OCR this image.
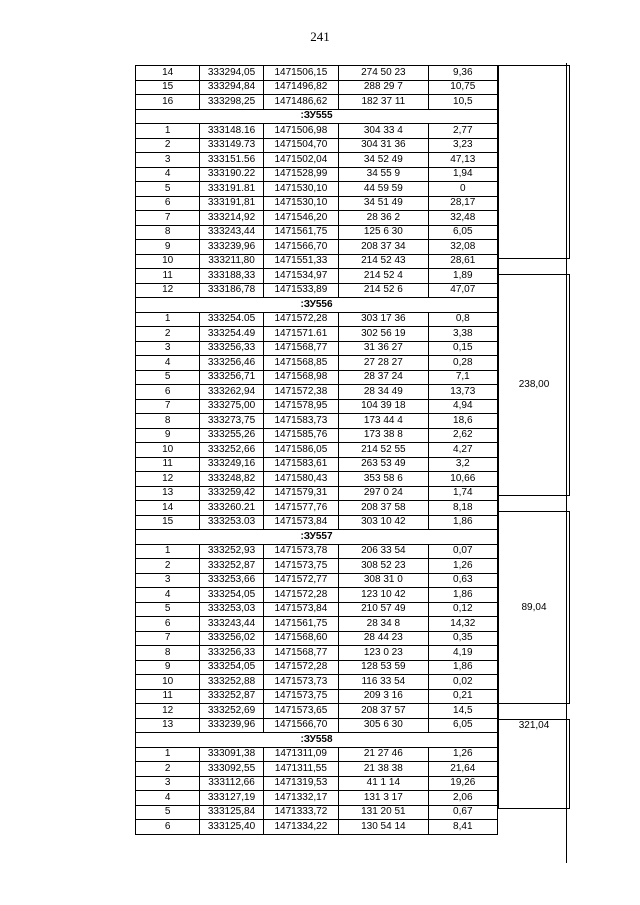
241
14	333294,05	1471506,15	274 50 23	9,36
15	333294,84	1471496,82	288 29 7	10,75
16	333298,25	1471486,62	182 37 11	10,5
:ЗУ555				
1	333148.16	1471506,98	304 33 4	2,77
2	333149.73	1471504,70	304 31 36	3,23
3	333151.56	1471502,04	34 52 49	47,13
4	333190.22	1471528,99	34 55 9	1,94
5	333191.81	1471530,10	44 59 59	0
6	333191,81	1471530,10	34 51 49	28,17
7	333214,92	1471546,20	28 36 2	32,48
8	333243,44	1471561,75	125 6 30	6,05
9	333239,96	1471566,70	208 37 34	32,08
10	333211,80	1471551,33	214 52 43	28,61
11	333188,33	1471534,97	214 52 4	1,89
12	333186,78	1471533,89	214 52 6	47,07
:ЗУ556				
1	333254.05	1471572,28	303 17 36	0,8
2	333254.49	1471571.61	302 56 19	3,38
3	333256,33	1471568,77	31 36 27	0,15
4	333256,46	1471568,85	27 28 27	0,28
5	333256,71	1471568,98	28 37 24	7,1
6	333262,94	1471572,38	28 34 49	13,73
7	333275,00	1471578,95	104 39 18	4,94
8	333273,75	1471583,73	173 44 4	18,6
9	333255,26	1471585,76	173 38 8	2,62
10	333252,66	1471586,05	214 52 55	4,27
11	333249,16	1471583,61	263 53 49	3,2
12	333248,82	1471580,43	353 58 6	10,66
13	333259,42	1471579,31	297 0 24	1,74
14	333260.21	1471577,76	208 37 58	8,18
15	333253.03	1471573,84	303 10 42	1,86
:ЗУ557				
1	333252,93	1471573,78	206 33 54	0,07
2	333252,87	1471573,75	308 52 23	1,26
3	333253,66	1471572,77	308 31 0	0,63
4	333254,05	1471572,28	123 10 42	1,86
5	333253,03	1471573,84	210 57 49	0,12
6	333243,44	1471561,75	28 34 8	14,32
7	333256,02	1471568,60	28 44 23	0,35
8	333256,33	1471568,77	123 0 23	4,19
9	333254,05	1471572,28	128 53 59	1,86
10	333252,88	1471573,73	116 33 54	0,02
11	333252,87	1471573,75	209 3 16	0,21
12	333252,69	1471573,65	208 37 57	14,5
13	333239,96	1471566,70	305 6 30	6,05
:ЗУ558				
1	333091,38	1471311,09	21 27 46	1,26
2	333092,55	1471311,55	21 38 38	21,64
3	333112,66	1471319,53	41 1 14	19,26
4	333127,19	1471332,17	131 3 17	2,06
5	333125,84	1471333,72	131 20 51	0,67
6	333125,40	1471334,22	130 54 14	8,41

238,00

89,04

321,04
